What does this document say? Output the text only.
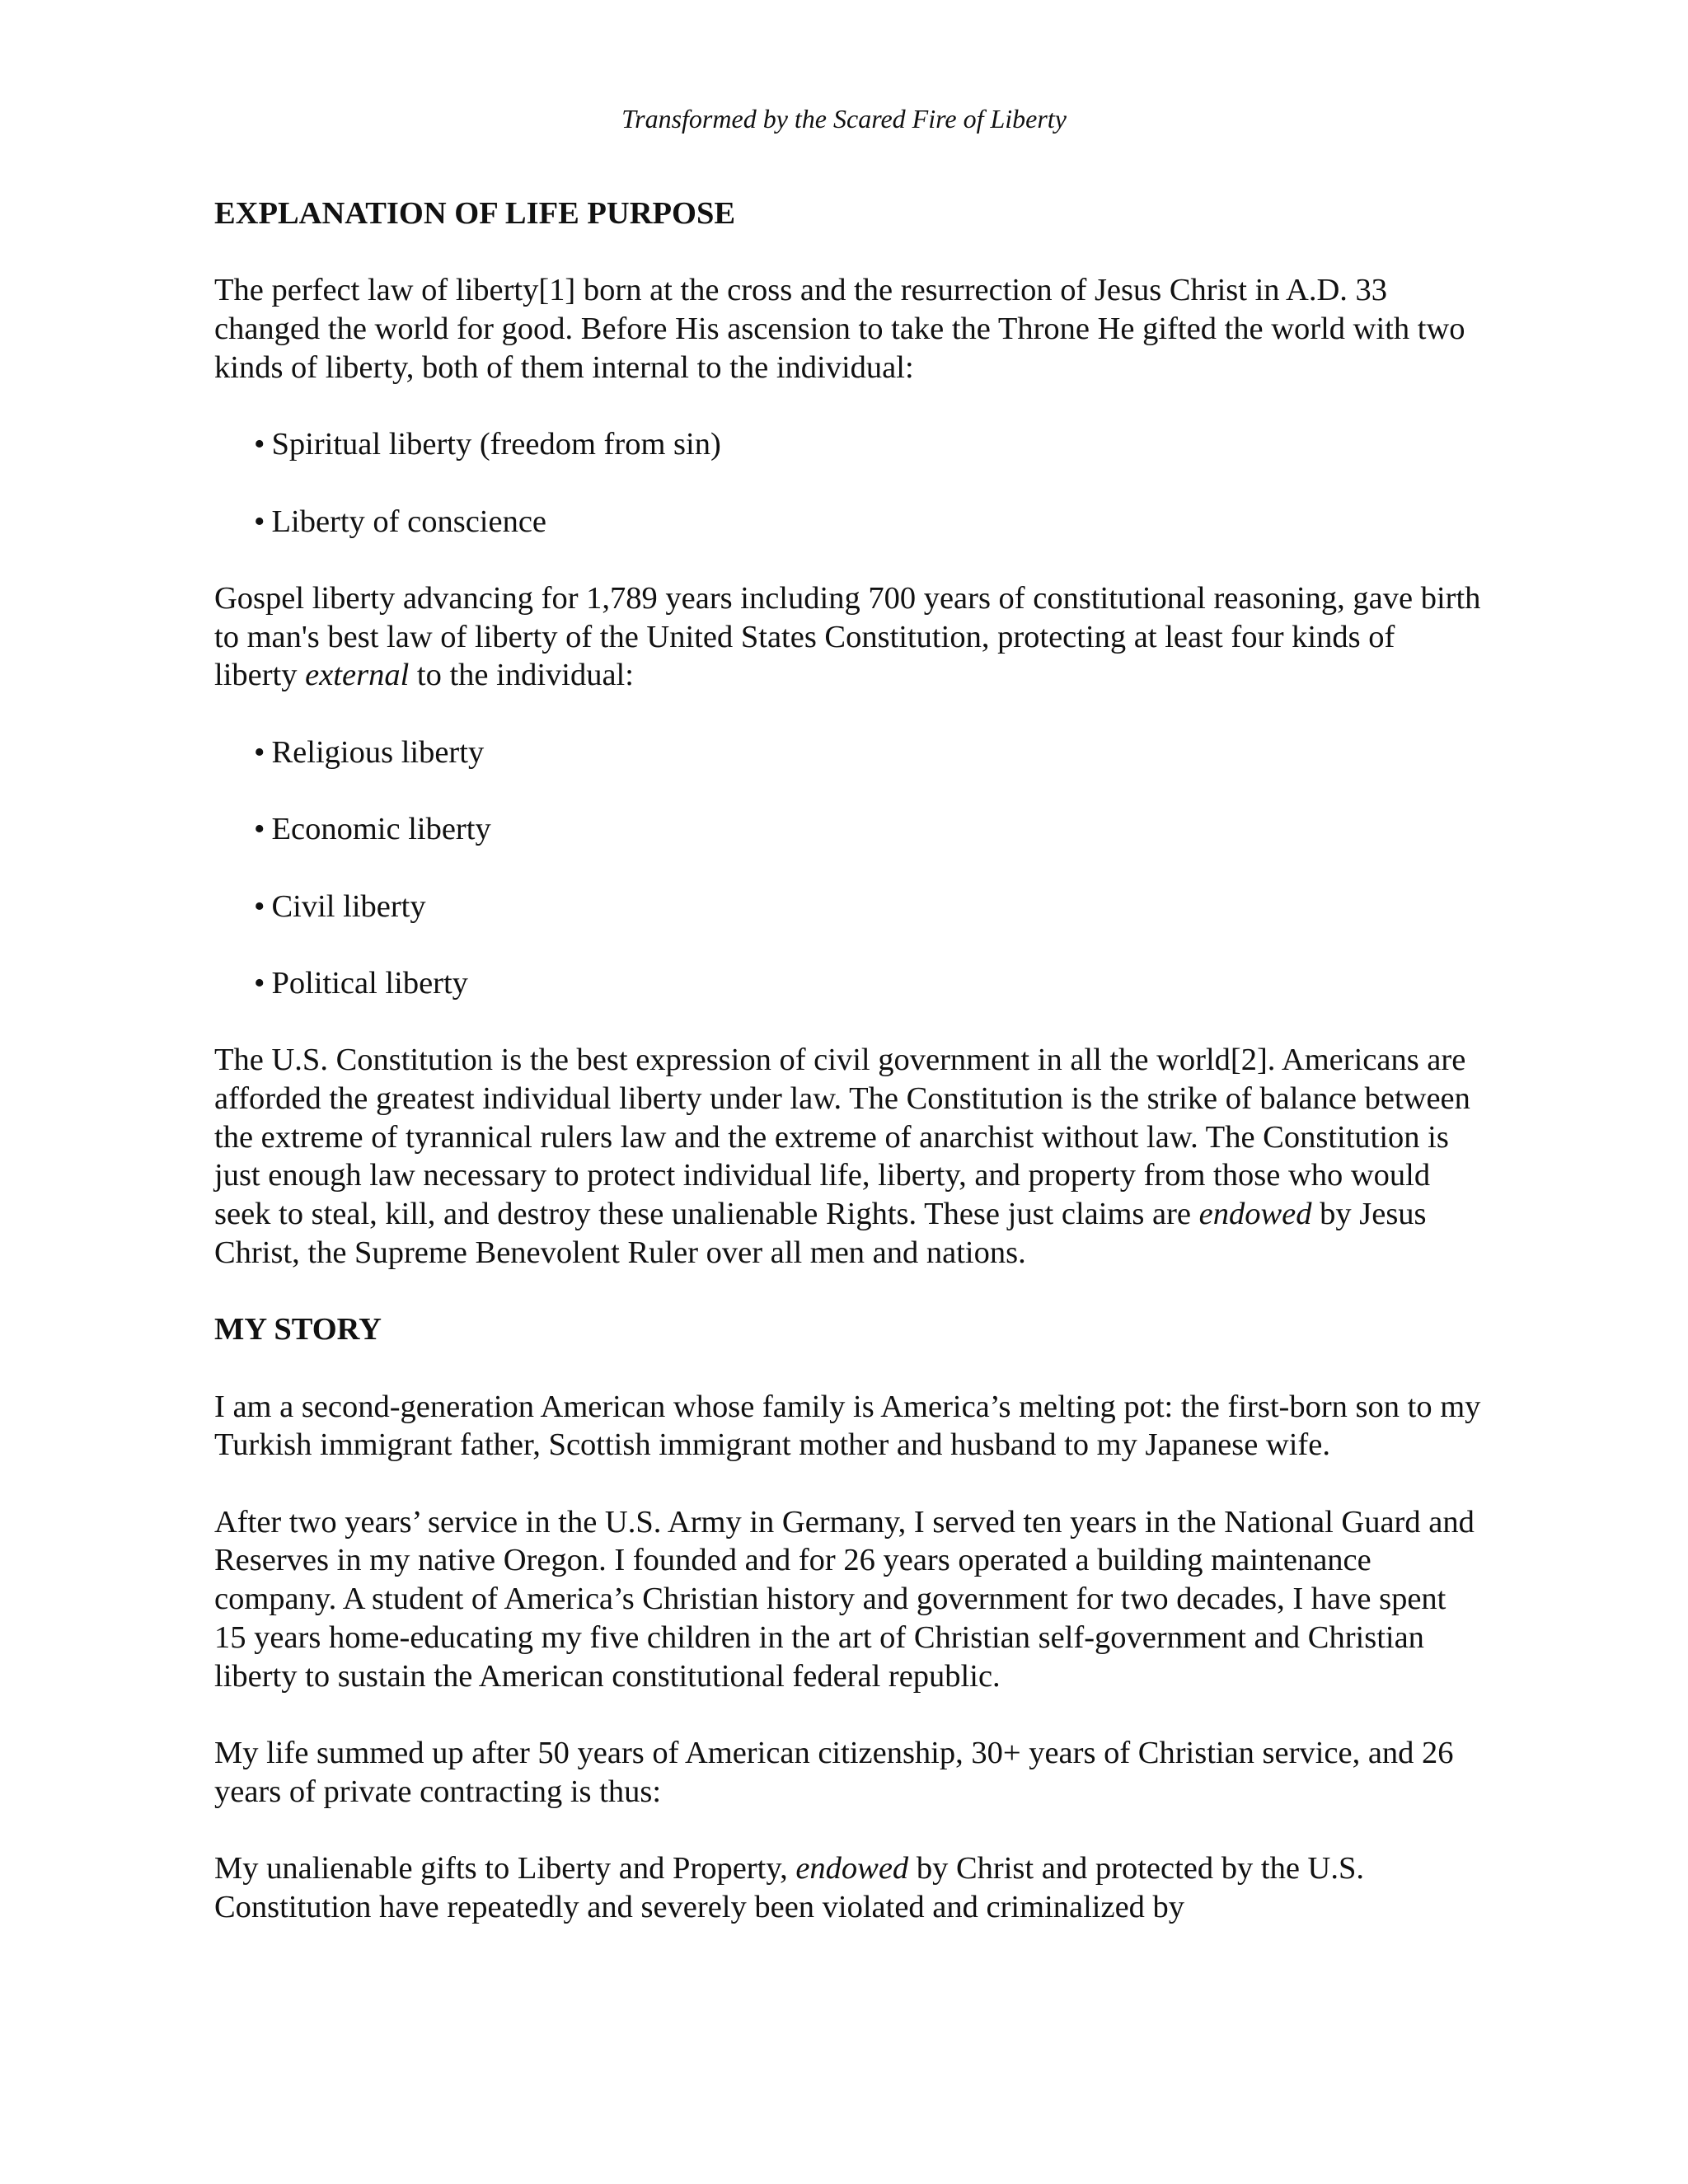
Transformed by the Scared Fire of Liberty
EXPLANATION OF LIFE PURPOSE
The perfect law of liberty[1] born at the cross and the resurrection of Jesus Christ in A.D. 33 changed the world for good. Before His ascension to take the Throne He gifted the world with two kinds of liberty, both of them internal to the individual:
• Spiritual liberty (freedom from sin)
• Liberty of conscience
Gospel liberty advancing for 1,789 years including 700 years of constitutional reasoning, gave birth to man's best law of liberty of the United States Constitution, protecting at least four kinds of liberty external to the individual:
• Religious liberty
• Economic liberty
• Civil liberty
• Political liberty
The U.S. Constitution is the best expression of civil government in all the world[2]. Americans are afforded the greatest individual liberty under law. The Constitution is the strike of balance between the extreme of tyrannical rulers law and the extreme of anarchist without law. The Constitution is just enough law necessary to protect individual life, liberty, and property from those who would seek to steal, kill, and destroy these unalienable Rights. These just claims are endowed by Jesus Christ, the Supreme Benevolent Ruler over all men and nations.
MY STORY
I am a second-generation American whose family is America’s melting pot: the first-born son to my Turkish immigrant father, Scottish immigrant mother and husband to my Japanese wife.
After two years’ service in the U.S. Army in Germany, I served ten years in the National Guard and Reserves in my native Oregon. I founded and for 26 years operated a building maintenance company. A student of America’s Christian history and government for two decades, I have spent 15 years home-educating my five children in the art of Christian self-government and Christian liberty to sustain the American constitutional federal republic.
My life summed up after 50 years of American citizenship, 30+ years of Christian service, and 26 years of private contracting is thus:
My unalienable gifts to Liberty and Property, endowed by Christ and protected by the U.S. Constitution have repeatedly and severely been violated and criminalized by
